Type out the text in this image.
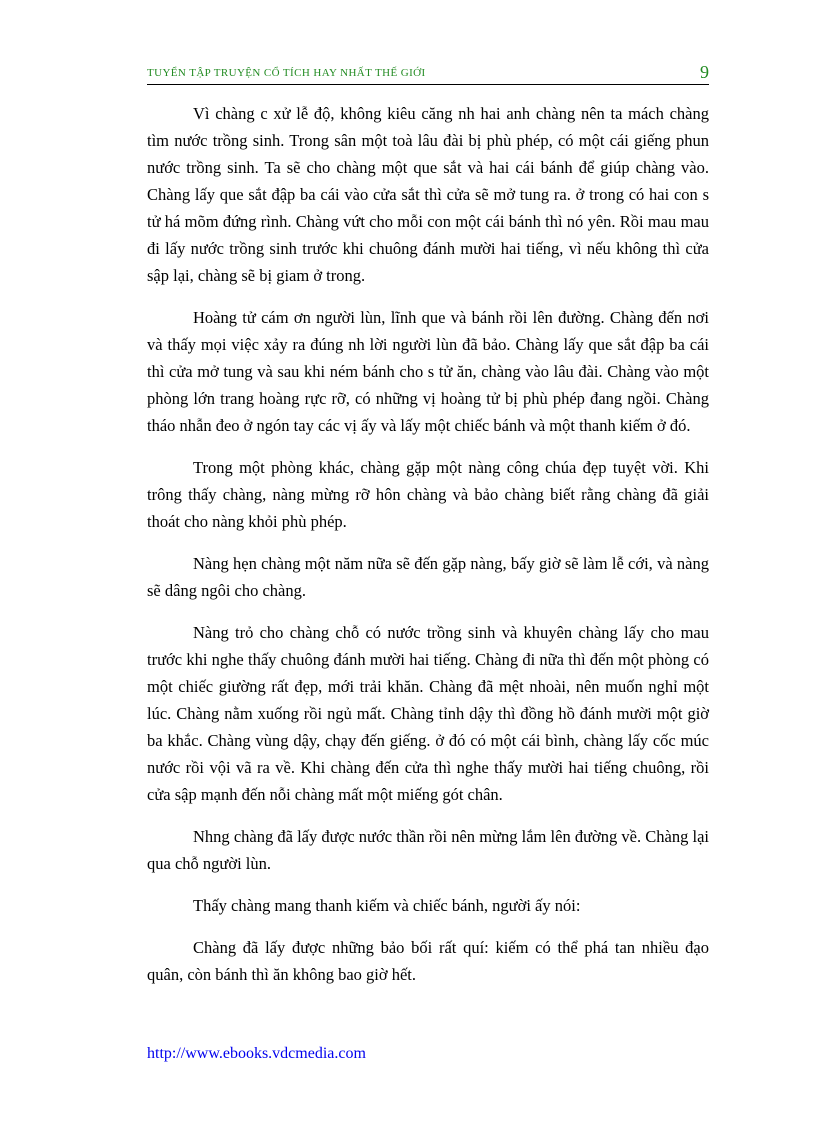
TUYỂN TẬP TRUYỆN CỔ TÍCH HAY NHẤT THẾ GIỚI	9

Vì chàng c xử lễ độ, không kiêu căng nh hai anh chàng nên ta mách chàng tìm nước trồng sinh. Trong sân một toà lâu đài bị phù phép, có một cái giếng phun nước trồng sinh. Ta sẽ cho chàng một que sắt và hai cái bánh để giúp chàng vào. Chàng lấy que sắt đập ba cái vào cửa sắt thì cửa sẽ mở tung ra. ở trong có hai con s tử há mõm đứng rình. Chàng vứt cho mỗi con một cái bánh thì nó yên. Rồi mau mau đi lấy nước trồng sinh trước khi chuông đánh mười hai tiếng, vì nếu không thì cửa sập lại, chàng sẽ bị giam ở trong.

Hoàng tử cám ơn người lùn, lĩnh que và bánh rồi lên đường. Chàng đến nơi và thấy mọi việc xảy ra đúng nh lời người lùn đã bảo. Chàng lấy que sắt đập ba cái thì cửa mở tung và sau khi ném bánh cho s tử ăn, chàng vào lâu đài. Chàng vào một phòng lớn trang hoàng rực rỡ, có những vị hoàng tử bị phù phép đang ngồi. Chàng tháo nhẫn đeo ở ngón tay các vị ấy và lấy một chiếc bánh và một thanh kiếm ở đó.

Trong một phòng khác, chàng gặp một nàng công chúa đẹp tuyệt vời. Khi trông thấy chàng, nàng mừng rỡ hôn chàng và bảo chàng biết rằng chàng đã giải thoát cho nàng khỏi phù phép.

Nàng hẹn chàng một năm nữa sẽ đến gặp nàng, bấy giờ sẽ làm lễ cới, và nàng sẽ dâng ngôi cho chàng.

Nàng trỏ cho chàng chỗ có nước trồng sinh và khuyên chàng lấy cho mau trước khi nghe thấy chuông đánh mười hai tiếng. Chàng đi nữa thì đến một phòng có một chiếc giường rất đẹp, mới trải khăn. Chàng đã mệt nhoài, nên muốn nghỉ một lúc. Chàng nằm xuống rồi ngủ mất. Chàng tỉnh dậy thì đồng hồ đánh mười một giờ ba khắc. Chàng vùng dậy, chạy đến giếng. ở đó có một cái bình, chàng lấy cốc múc nước rồi vội vã ra về. Khi chàng đến cửa thì nghe thấy mười hai tiếng chuông, rồi cửa sập mạnh đến nỗi chàng mất một miếng gót chân.

Nhng chàng đã lấy được nước thần rồi nên mừng lắm lên đường về. Chàng lại qua chỗ người lùn.

Thấy chàng mang thanh kiếm và chiếc bánh, người ấy nói:

Chàng đã lấy được những bảo bối rất quí: kiếm có thể phá tan nhiều đạo quân, còn bánh thì ăn không bao giờ hết.

http://www.ebooks.vdcmedia.com
